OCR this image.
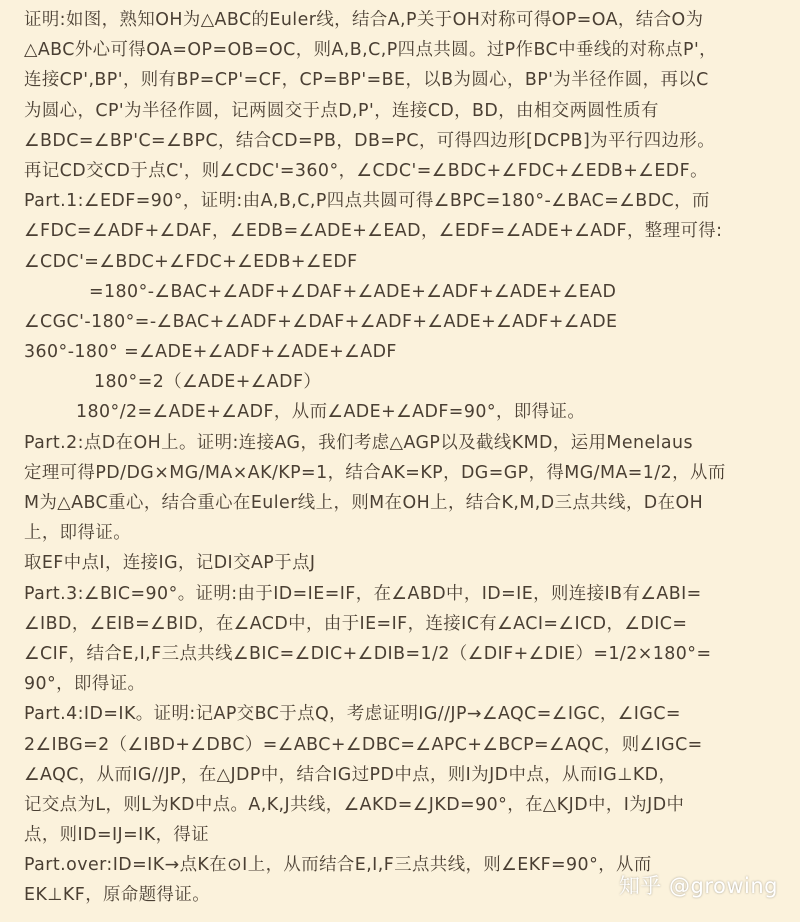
证明:如图，熟知OH为△ABC的Euler线，结合A,P关于OH对称可得OP=OA，结合O为
△ABC外心可得OA=OP=OB=OC，则A,B,C,P四点共圆。过P作BC中垂线的对称点P'，
连接CP',BP'，则有BP=CP'=CF，CP=BP'=BE，以B为圆心，BP'为半径作圆，再以C
为圆心，CP'为半径作圆，记两圆交于点D,P'，连接CD，BD，由相交两圆性质有
∠BDC=∠BP'C=∠BPC，结合CD=PB，DB=PC，可得四边形[DCPB]为平行四边形。
再记CD交CD于点C'，则∠CDC'=360°，∠CDC'=∠BDC+∠FDC+∠EDB+∠EDF。
Part.1:∠EDF=90°，证明:由A,B,C,P四点共圆可得∠BPC=180°-∠BAC=∠BDC，而
∠FDC=∠ADF+∠DAF，∠EDB=∠ADE+∠EAD，∠EDF=∠ADE+∠ADF，整理可得:
∠CDC'=∠BDC+∠FDC+∠EDB+∠EDF
=180°-∠BAC+∠ADF+∠DAF+∠ADE+∠ADF+∠ADE+∠EAD
∠CGC'-180°=-∠BAC+∠ADF+∠DAF+∠ADF+∠ADE+∠ADF+∠ADE
360°-180° =∠ADE+∠ADF+∠ADE+∠ADF
180°=2（∠ADE+∠ADF）
180°/2=∠ADE+∠ADF，从而∠ADE+∠ADF=90°，即得证。
Part.2:点D在OH上。证明:连接AG，我们考虑△AGP以及截线KMD，运用Menelaus
定理可得PD/DG×MG/MA×AK/KP=1，结合AK=KP，DG=GP，得MG/MA=1/2，从而
M为△ABC重心，结合重心在Euler线上，则M在OH上，结合K,M,D三点共线，D在OH
上，即得证。
取EF中点I，连接IG，记DI交AP于点J
Part.3:∠BIC=90°。证明:由于ID=IE=IF，在∠ABD中，ID=IE，则连接IB有∠ABI=
∠IBD，∠EIB=∠BID，在∠ACD中，由于IE=IF，连接IC有∠ACI=∠ICD，∠DIC=
∠CIF，结合E,I,F三点共线∠BIC=∠DIC+∠DIB=1/2（∠DIF+∠DIE）=1/2×180°=
90°，即得证。
Part.4:ID=IK。证明:记AP交BC于点Q，考虑证明IG//JP→∠AQC=∠IGC，∠IGC=
2∠IBG=2（∠IBD+∠DBC）=∠ABC+∠DBC=∠APC+∠BCP=∠AQC，则∠IGC=
∠AQC，从而IG//JP，在△JDP中，结合IG过PD中点，则I为JD中点，从而IG⊥KD，
记交点为L，则L为KD中点。A,K,J共线，∠AKD=∠JKD=90°，在△KJD中，I为JD中
点，则ID=IJ=IK，得证
Part.over:ID=IK→点K在⊙I上，从而结合E,I,F三点共线，则∠EKF=90°，从而
EK⊥KF，原命题得证。	知乎 @growing
